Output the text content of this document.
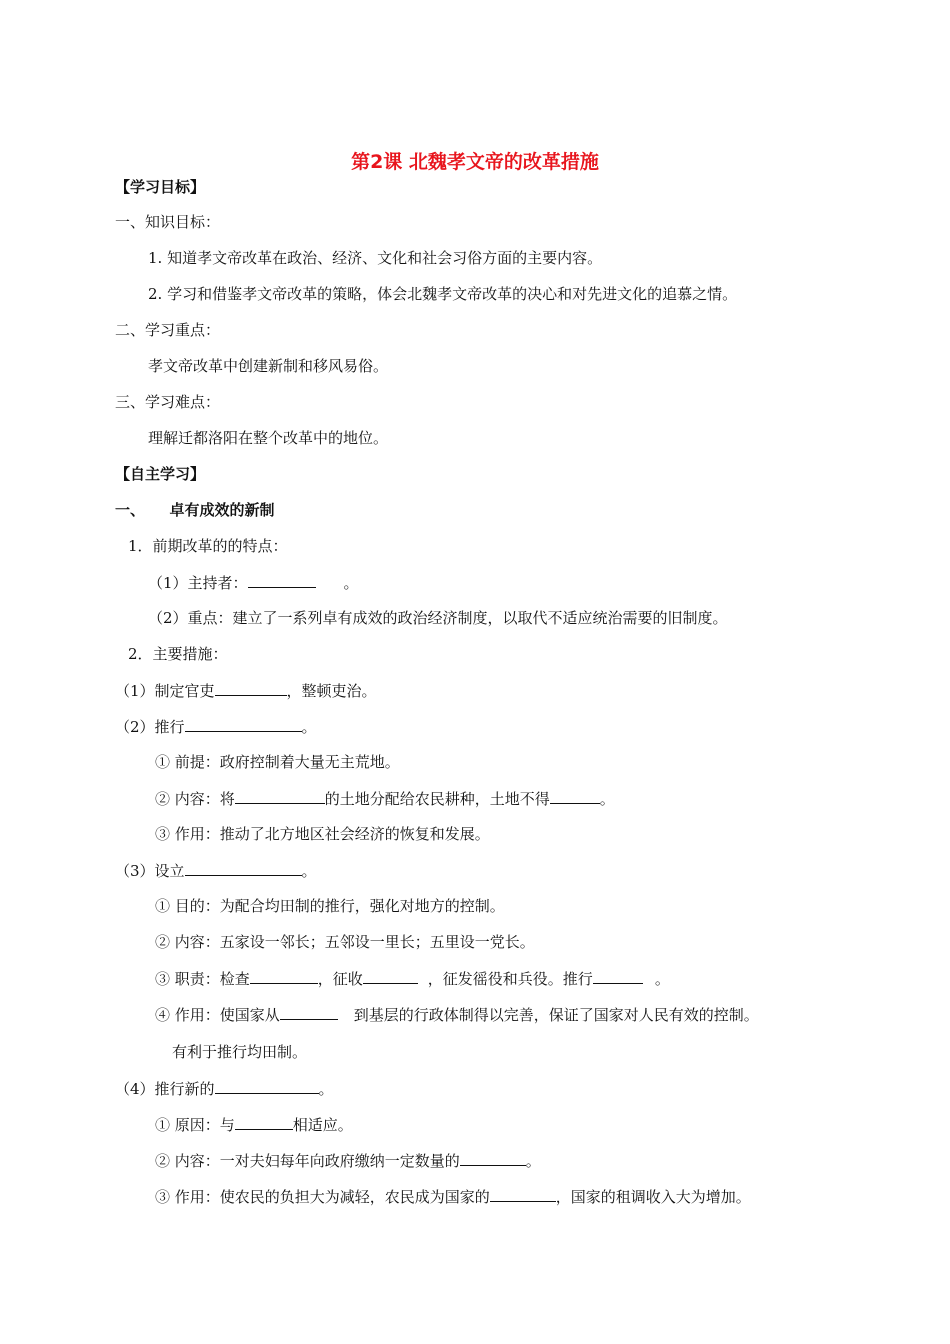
第2课 北魏孝文帝的改革措施
【学习目标】
一、知识目标：
1. 知道孝文帝改革在政治、经济、文化和社会习俗方面的主要内容。
2. 学习和借鉴孝文帝改革的策略，体会北魏孝文帝改革的决心和对先进文化的追慕之情。
二、学习重点：
孝文帝改革中创建新制和移风易俗。
三、学习难点：
理解迁都洛阳在整个改革中的地位。
【自主学习】
一、 卓有成效的新制
1．前期改革的的特点：
（1）主持者：	。
（2）重点：建立了一系列卓有成效的政治经济制度，以取代不适应统治需要的旧制度。
2．主要措施：
（1）制定官吏	，整顿吏治。
（2）推行	。
① 前提：政府控制着大量无主荒地。
② 内容：将	的土地分配给农民耕种，土地不得	。
③ 作用：推动了北方地区社会经济的恢复和发展。
（3）设立	。
① 目的：为配合均田制的推行，强化对地方的控制。
② 内容：五家设一邻长；五邻设一里长；五里设一党长。
③ 职责：检查	，征收	，征发徭役和兵役。推行	。
④ 作用：使国家从	到基层的行政体制得以完善，保证了国家对人民有效的控制。
有利于推行均田制。
（4）推行新的	。
① 原因：与	相适应。
② 内容：一对夫妇每年向政府缴纳一定数量的	。
③ 作用：使农民的负担大为减轻，农民成为国家的	，国家的租调收入大为增加。
